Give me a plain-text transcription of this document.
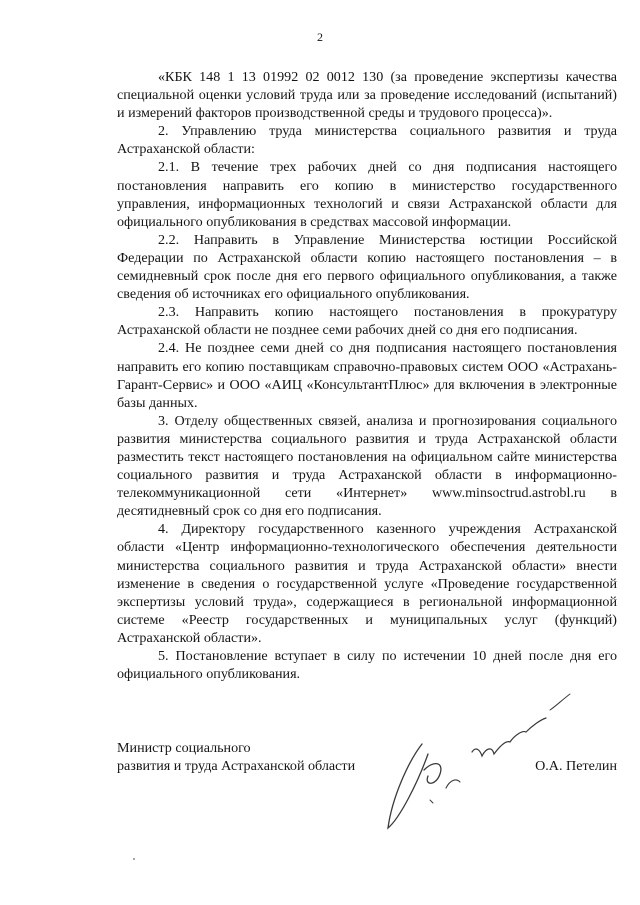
2

«КБК 148 1 13 01992 02 0012 130 (за проведение экспертизы качества специальной оценки условий труда или за проведение исследований (испытаний) и измерений факторов производственной среды и трудового процесса)».

2. Управлению труда министерства социального развития и труда Астраханской области:

2.1. В течение трех рабочих дней со дня подписания настоящего постановления направить его копию в министерство государственного управления, информационных технологий и связи Астраханской области для официального опубликования в средствах массовой информации.

2.2. Направить в Управление Министерства юстиции Российской Федерации по Астраханской области копию настоящего постановления – в семидневный срок после дня его первого официального опубликования, а также сведения об источниках его официального опубликования.

2.3. Направить копию настоящего постановления в прокуратуру Астраханской области не позднее семи рабочих дней со дня его подписания.

2.4. Не позднее семи дней со дня подписания настоящего постановления направить его копию поставщикам справочно-правовых систем ООО «Астрахань-Гарант-Сервис» и ООО «АИЦ «КонсультантПлюс» для включения в электронные базы данных.

3. Отделу общественных связей, анализа и прогнозирования социального развития министерства социального развития и труда Астраханской области разместить текст настоящего постановления на официальном сайте министерства социального развития и труда Астраханской области в информационно-телекоммуникационной сети «Интернет» www.minsoctrud.astrobl.ru в десятидневный срок со дня его подписания.

4. Директору государственного казенного учреждения Астраханской области «Центр информационно-технологического обеспечения деятельности министерства социального развития и труда Астраханской области» внести изменение в сведения о государственной услуге «Проведение государственной экспертизы условий труда», содержащиеся в региональной информационной системе «Реестр государственных и муниципальных услуг (функций) Астраханской области».

5. Постановление вступает в силу по истечении 10 дней после дня его официального опубликования.

Министр социального
развития и труда Астраханской области	О.А. Петелин
